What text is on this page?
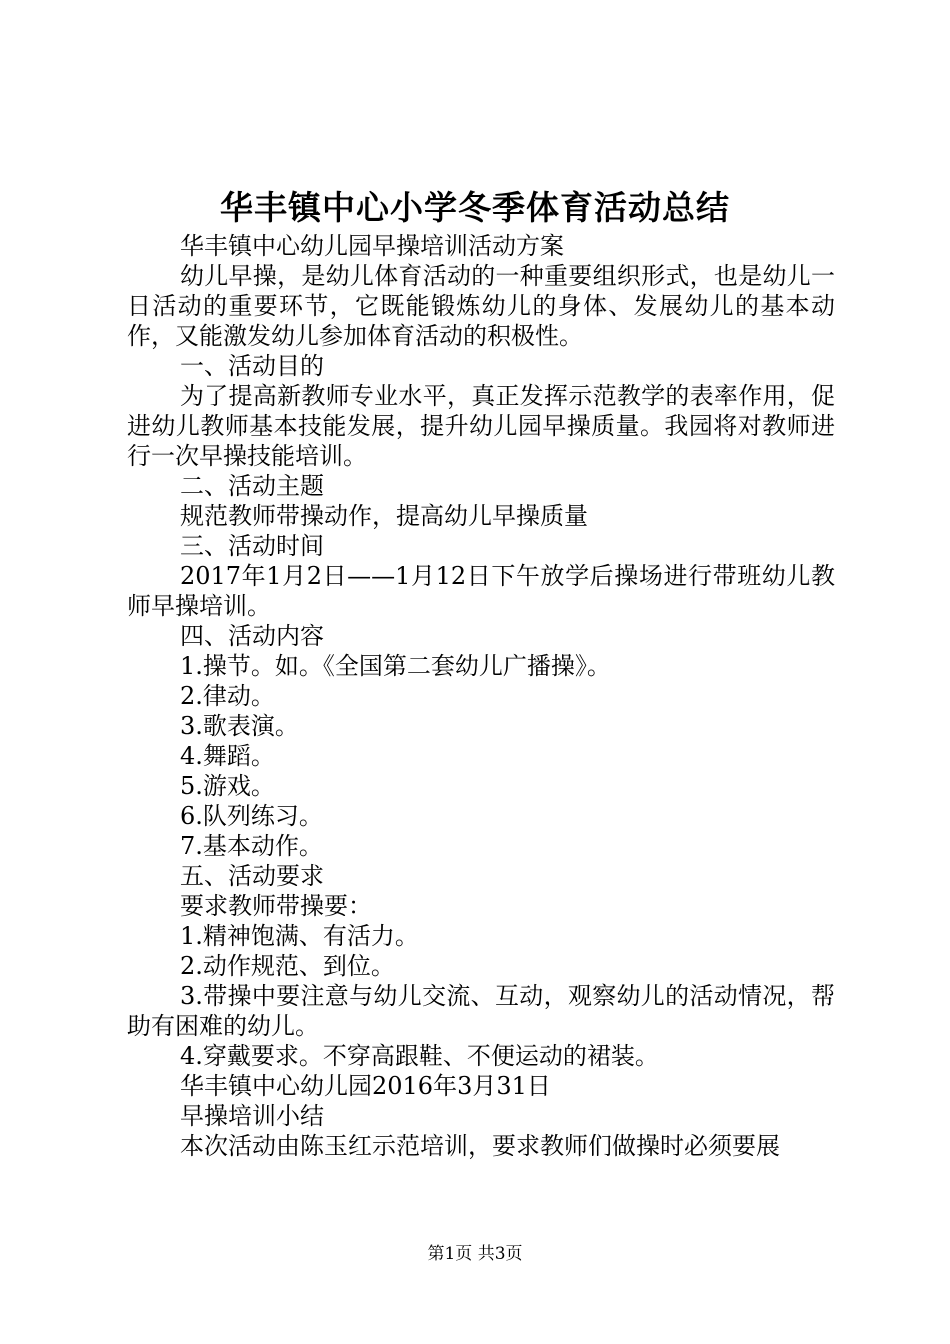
华丰镇中心小学冬季体育活动总结

华丰镇中心幼儿园早操培训活动方案

幼儿早操，是幼儿体育活动的一种重要组织形式，也是幼儿一日活动的重要环节，它既能锻炼幼儿的身体、发展幼儿的基本动作，又能激发幼儿参加体育活动的积极性。

一、活动目的

为了提高新教师专业水平，真正发挥示范教学的表率作用，促进幼儿教师基本技能发展，提升幼儿园早操质量。我园将对教师进行一次早操技能培训。

二、活动主题

规范教师带操动作，提高幼儿早操质量

三、活动时间

2017年1月2日——1月12日下午放学后操场进行带班幼儿教师早操培训。

四、活动内容

1.操节。如。《全国第二套幼儿广播操》。

2.律动。

3.歌表演。

4.舞蹈。

5.游戏。

6.队列练习。

7.基本动作。

五、活动要求

要求教师带操要：

1.精神饱满、有活力。

2.动作规范、到位。

3.带操中要注意与幼儿交流、互动，观察幼儿的活动情况，帮助有困难的幼儿。

4.穿戴要求。不穿高跟鞋、不便运动的裙装。

华丰镇中心幼儿园2016年3月31日

早操培训小结

本次活动由陈玉红示范培训，要求教师们做操时必须要展

第1页 共3页
